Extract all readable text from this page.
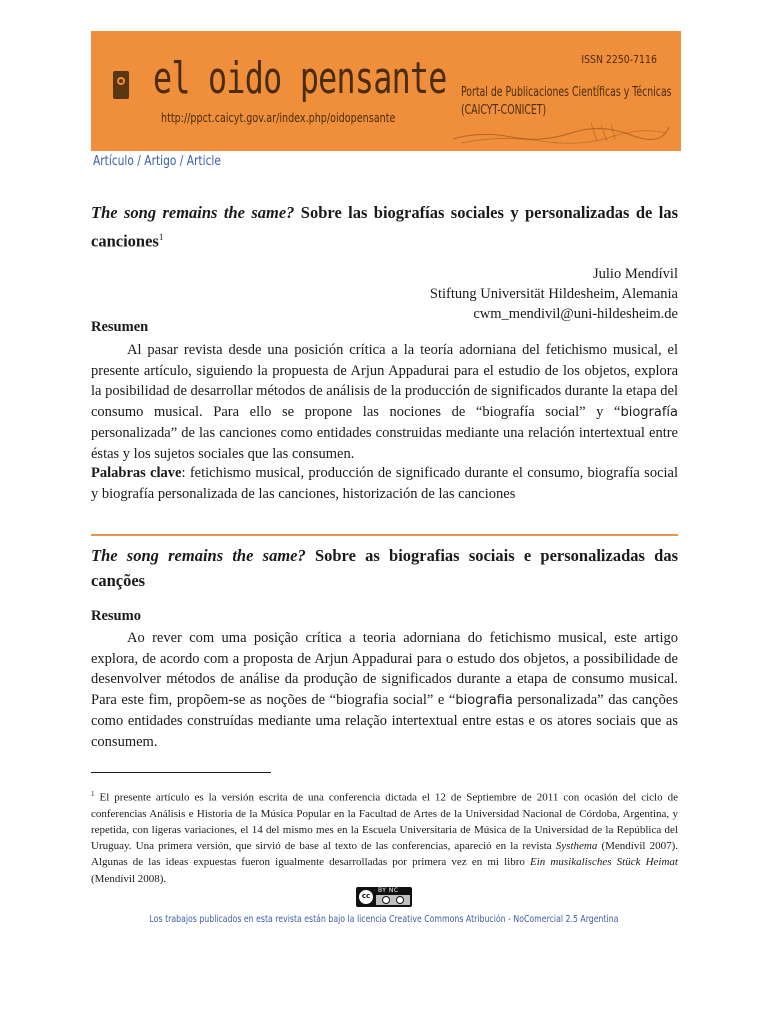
el oido pensante
http://ppct.caicyt.gov.ar/index.php/oidopensante
ISSN 2250-7116
Portal de Publicaciones Científicas y Técnicas
(CAICYT-CONICET)
Artículo / Artigo / Article

The song remains the same? Sobre las biografías sociales y personalizadas de las canciones$^1$

Julio Mendívil
Stiftung Universität Hildesheim, Alemania
cwm_mendivil@uni-hildesheim.de
Resumen

Al pasar revista desde una posición crítica a la teoría adorniana del fetichismo musical, el presente artículo, siguiendo la propuesta de Arjun Appadurai para el estudio de los objetos, explora la posibilidad de desarrollar métodos de análisis de la producción de significados durante la etapa del consumo musical. Para ello se propone las nociones de “biografía social” y “biografía personalizada” de las canciones como entidades construidas mediante una relación intertextual entre éstas y los sujetos sociales que las consumen.

Palabras clave: fetichismo musical, producción de significado durante el consumo, biografía social y biografía personalizada de las canciones, historización de las canciones

The song remains the same? Sobre as biografias sociais e personalizadas das canções

Resumo

Ao rever com uma posição crítica a teoria adorniana do fetichismo musical, este artigo explora, de acordo com a proposta de Arjun Appadurai para o estudo dos objetos, a possibilidade de desenvolver métodos de análise da produção de significados durante a etapa de consumo musical. Para este fim, propõem-se as noções de “biografia social” e “biografia personalizada” das canções como entidades construídas mediante uma relação intertextual entre estas e os atores sociais que as consumem.

$^1$ El presente artículo es la versión escrita de una conferencia dictada el 12 de Septiembre de 2011 con ocasión del ciclo de conferencias Análisis e Historia de la Música Popular en la Facultad de Artes de la Universidad Nacional de Córdoba, Argentina, y repetida, con ligeras variaciones, el 14 del mismo mes en la Escuela Universitaria de Música de la Universidad de la República del Uruguay. Una primera versión, que sirvió de base al texto de las conferencias, apareció en la revista Systhema (Mendívil 2007). Algunas de las ideas expuestas fueron igualmente desarrolladas por primera vez en mi libro Ein musikalisches Stück Heimat (Mendívil 2008).

cc
BY NC
Los trabajos publicados en esta revista están bajo la licencia Creative Commons Atribución - NoComercial 2.5 Argentina
